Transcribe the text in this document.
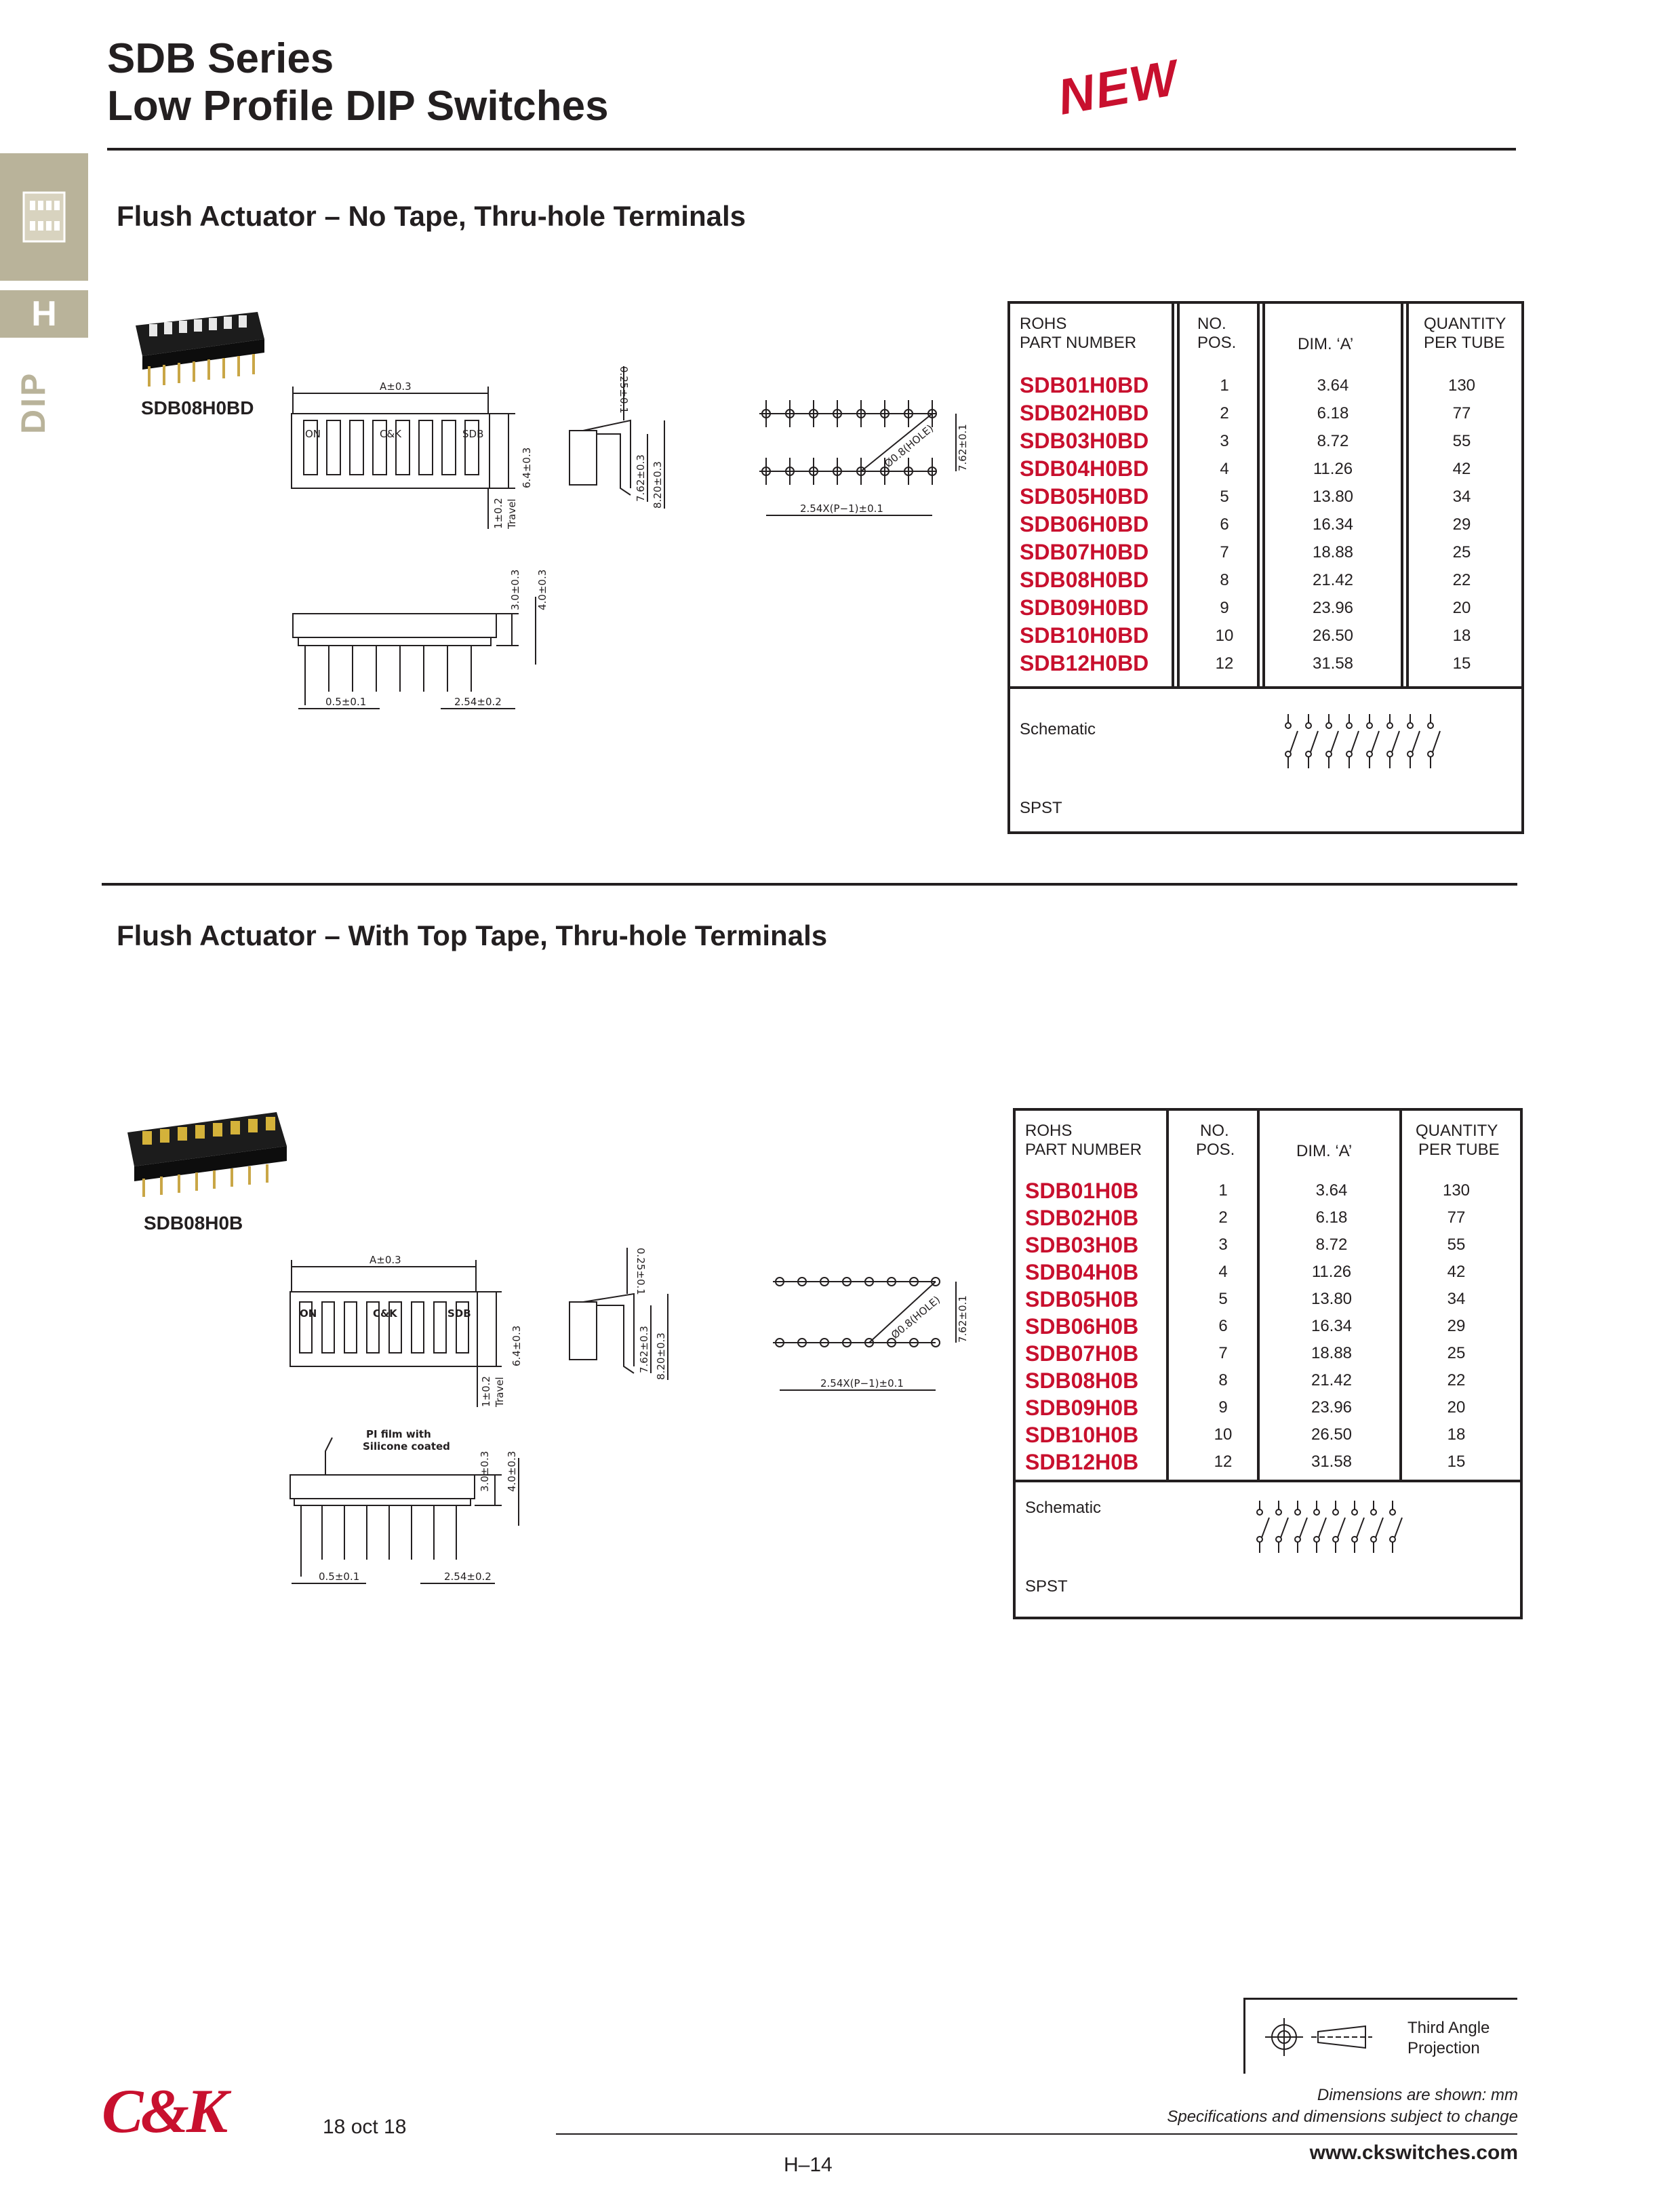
SDB Series
Low Profile DIP Switches	NEW
H
DIP
Flush Actuator – No Tape, Thru-hole Terminals
SDB08H0BD
A±0.3
ON	C&K	SDB
6.4±0.3
1±0.2 Travel
0.25±0.1
7.62±0.3 8.20±0.3
Ø0.8(HOLE) 7.62±0.1
2.54X(P−1)±0.1
3.0±0.3 4.0±0.3
0.5±0.1	2.54±0.2
ROHS
PART NUMBER
NO.
POS.	DIM. ‘A’
QUANTITY
PER TUBE
SDB01H0BD	1	3.64	130
SDB02H0BD	2	6.18	77
SDB03H0BD	3	8.72	55
SDB04H0BD	4	11.26	42
SDB05H0BD	5	13.80	34
SDB06H0BD	6	16.34	29
SDB07H0BD	7	18.88	25
SDB08H0BD	8	21.42	22
SDB09H0BD	9	23.96	20
SDB10H0BD	10	26.50	18
SDB12H0BD	12	31.58	15
Schematic
SPST
Flush Actuator – With Top Tape, Thru-hole Terminals
SDB08H0B
A±0.3
ON	C&K	SDB
6.4±0.3
1±0.2 Travel
0.25±0.1
7.62±0.3 8.20±0.3
Ø0.8(HOLE) 7.62±0.1
2.54X(P−1)±0.1
PI film with
Silicone coated
3.0±0.3 4.0±0.3
0.5±0.1	2.54±0.2
ROHS
PART NUMBER
NO.
POS.	DIM. ‘A’
QUANTITY
PER TUBE
SDB01H0B	1	3.64	130
SDB02H0B	2	6.18	77
SDB03H0B	3	8.72	55
SDB04H0B	4	11.26	42
SDB05H0B	5	13.80	34
SDB06H0B	6	16.34	29
SDB07H0B	7	18.88	25
SDB08H0B	8	21.42	22
SDB09H0B	9	23.96	20
SDB10H0B	10	26.50	18
SDB12H0B	12	31.58	15
Schematic
SPST
Third Angle
Projection
Dimensions are shown: mm
Specifications and dimensions subject to change
www.ckswitches.com
C&K	18 oct 18
H–14
